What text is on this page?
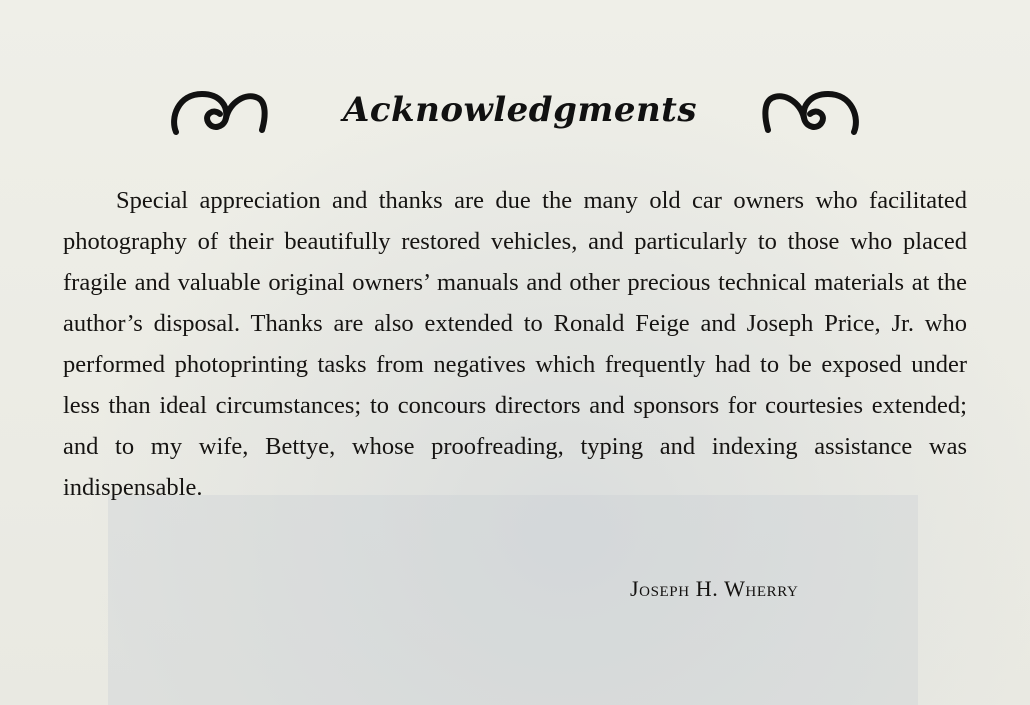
Acknowledgments

Special appreciation and thanks are due the many old car owners who facilitated photography of their beautifully restored vehicles, and particularly to those who placed fragile and valuable original owners’ manuals and other precious technical materials at the author’s disposal. Thanks are also extended to Ronald Feige and Joseph Price, Jr. who performed photoprinting tasks from negatives which frequently had to be exposed under less than ideal circumstances; to concours directors and sponsors for courtesies extended; and to my wife, Bettye, whose proofreading, typing and indexing assistance was indispensable.

Joseph H. Wherry
